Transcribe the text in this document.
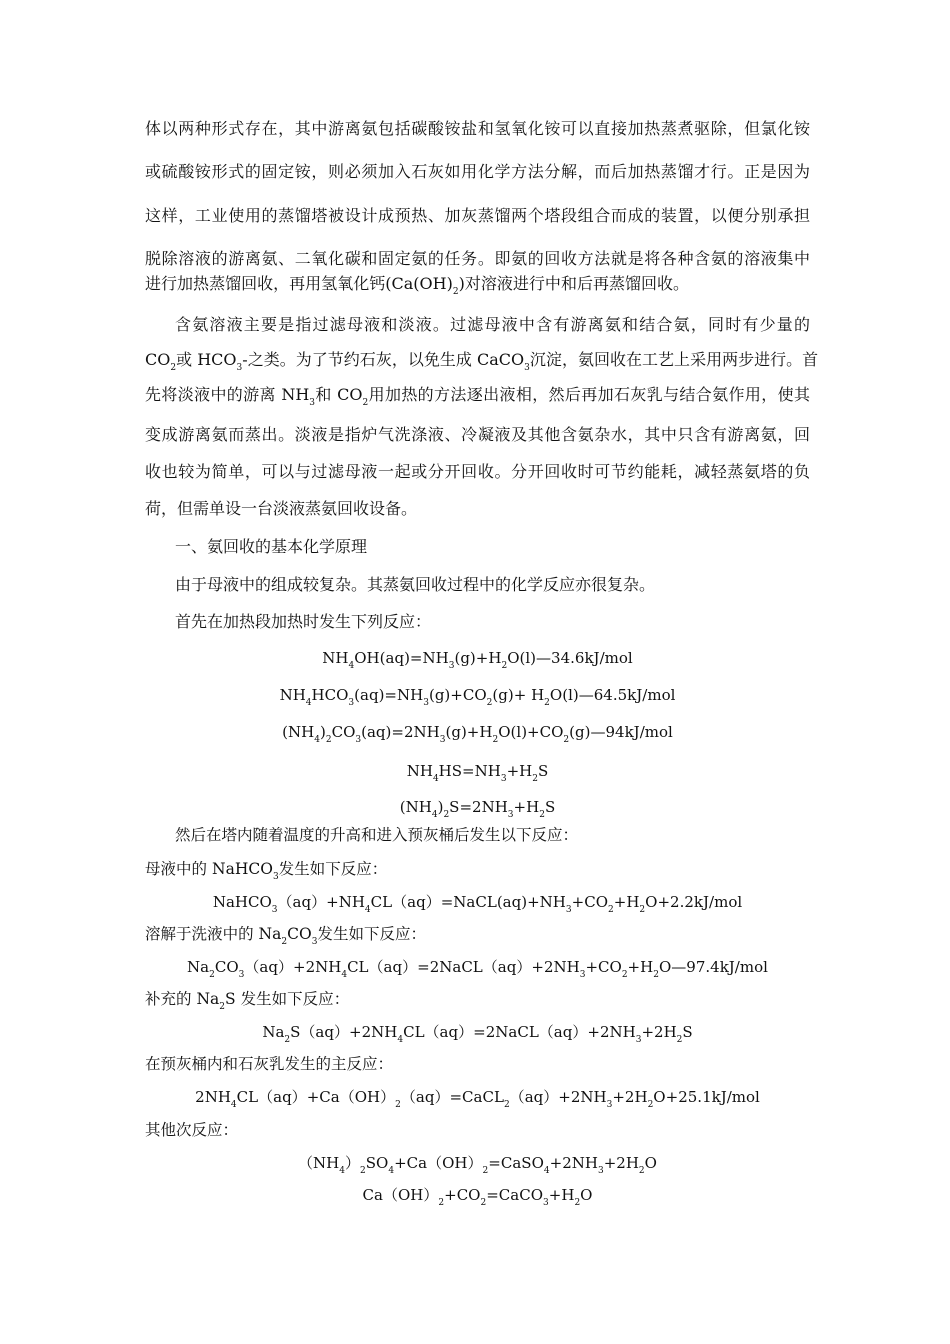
体以两种形式存在，其中游离氨包括碳酸铵盐和氢氧化铵可以直接加热蒸煮驱除，但氯化铵
或硫酸铵形式的固定铵，则必须加入石灰如用化学方法分解，而后加热蒸馏才行。正是因为
这样，工业使用的蒸馏塔被设计成预热、加灰蒸馏两个塔段组合而成的装置，以便分别承担
脱除溶液的游离氨、二氧化碳和固定氨的任务。即氨的回收方法就是将各种含氨的溶液集中
进行加热蒸馏回收，再用氢氧化钙$(Ca(OH)_2)$对溶液进行中和后再蒸馏回收。
含氨溶液主要是指过滤母液和淡液。过滤母液中含有游离氨和结合氨，同时有少量的
$CO_2$或 $HCO_3-$之类。为了节约石灰，以免生成 CaCO$_3$沉淀，氨回收在工艺上采用两步进行。首
先将淡液中的游离 $NH_3$和 $CO_2$用加热的方法逐出液相，然后再加石灰乳与结合氨作用，使其
变成游离氨而蒸出。淡液是指炉气洗涤液、冷凝液及其他含氨杂水，其中只含有游离氨，回
收也较为简单，可以与过滤母液一起或分开回收。分开回收时可节约能耗，减轻蒸氨塔的负
荷，但需单设一台淡液蒸氨回收设备。
一、氨回收的基本化学原理
由于母液中的组成较复杂。其蒸氨回收过程中的化学反应亦很复杂。
首先在加热段加热时发生下列反应：
$NH_4OH(aq)=NH_3(g)+H_2O(l)—34.6kJ$/mol
$NH_4HCO_3(aq)=NH_3(g)+CO_2(g)+$ $H_2O(l)—64.5kJ$/mol
$(NH_4)_2CO_3(aq)=2NH_3(g)+H_2O(l)+CO_2(g)—94kJ$/mol
$NH_4HS=NH_3+H_2S$
$(NH_4)_2S=2NH_3+H_2S$
然后在塔内随着温度的升高和进入预灰桶后发生以下反应：
母液中的 NaHCO$_3$发生如下反应：
$NaHCO_3(aq)+NH_4CL(aq)=NaCL(aq)+NH_3+CO_2+H_2O+2.2kJ$/mol
溶解于洗液中的 $Na_2CO_3$发生如下反应：
$Na_2CO_3(aq)+2NH_4CL(aq)=2NaCL(aq)+2NH_3+CO_2+H_2O—97.4kJ$/mol
补充的 $Na_2S$ 发生如下反应：
$Na_2S(aq)+2NH_4CL(aq)=2NaCL(aq)+2NH_3+2H_2S$
在预灰桶内和石灰乳发生的主反应：
$2NH_4CL(aq)+Ca(OH)_2(aq)=CaCL_2(aq)+2NH_3+2H_2O+25.1kJ$/mol
其他次反应：
$(NH_4)_2SO_4+Ca(OH)_2=CaSO_4+2NH_3+2H_2O$
$Ca(OH)_2+CO_2=CaCO_3+H_2O$
